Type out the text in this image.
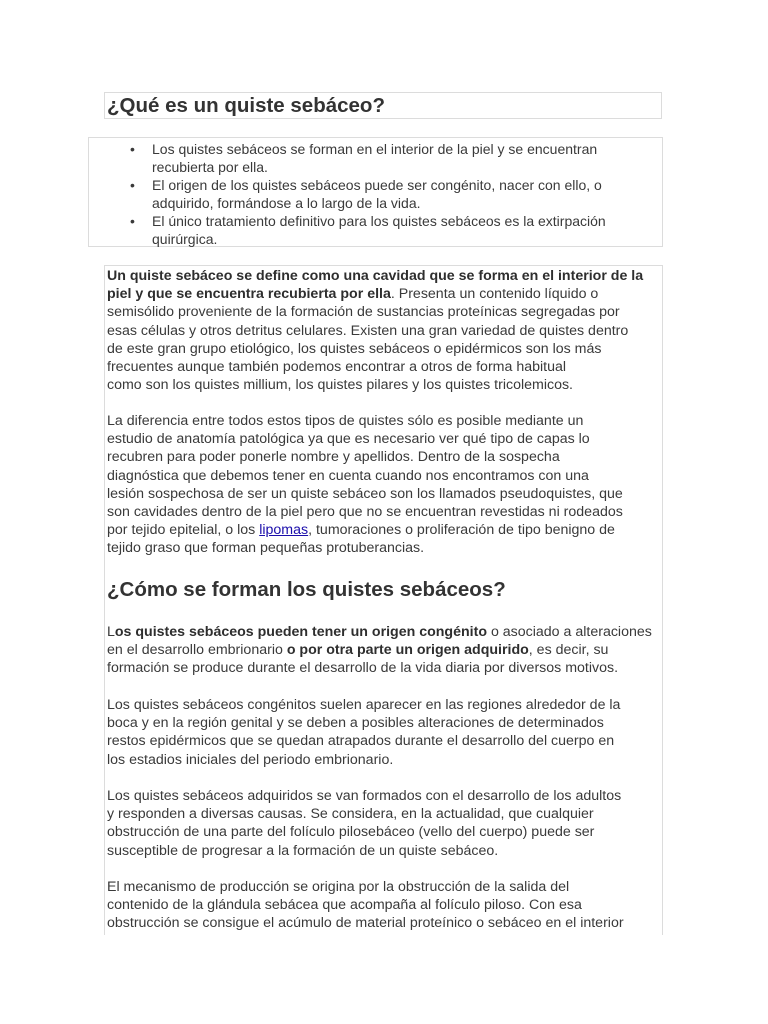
¿Qué es un quiste sebáceo?
• Los quistes sebáceos se forman en el interior de la piel y se encuentran
recubierta por ella.
• El origen de los quistes sebáceos puede ser congénito, nacer con ello, o
adquirido, formándose a lo largo de la vida.
• El único tratamiento definitivo para los quistes sebáceos es la extirpación
quirúrgica.

Un quiste sebáceo se define como una cavidad que se forma en el interior de la
piel y que se encuentra recubierta por ella. Presenta un contenido líquido o
semisólido proveniente de la formación de sustancias proteínicas segregadas por
esas células y otros detritus celulares. Existen una gran variedad de quistes dentro
de este gran grupo etiológico, los quistes sebáceos o epidérmicos son los más
frecuentes aunque también podemos encontrar a otros de forma habitual
como son los quistes millium, los quistes pilares y los quistes tricolemicos.

La diferencia entre todos estos tipos de quistes sólo es posible mediante un
estudio de anatomía patológica ya que es necesario ver qué tipo de capas lo
recubren para poder ponerle nombre y apellidos. Dentro de la sospecha
diagnóstica que debemos tener en cuenta cuando nos encontramos con una
lesión sospechosa de ser un quiste sebáceo son los llamados pseudoquistes, que
son cavidades dentro de la piel pero que no se encuentran revestidas ni rodeados
por tejido epitelial, o los lipomas, tumoraciones o proliferación de tipo benigno de
tejido graso que forman pequeñas protuberancias.

¿Cómo se forman los quistes sebáceos?

Los quistes sebáceos pueden tener un origen congénito o asociado a alteraciones
en el desarrollo embrionario o por otra parte un origen adquirido, es decir, su
formación se produce durante el desarrollo de la vida diaria por diversos motivos.

Los quistes sebáceos congénitos suelen aparecer en las regiones alrededor de la
boca y en la región genital y se deben a posibles alteraciones de determinados
restos epidérmicos que se quedan atrapados durante el desarrollo del cuerpo en
los estadios iniciales del periodo embrionario.

Los quistes sebáceos adquiridos se van formados con el desarrollo de los adultos
y responden a diversas causas. Se considera, en la actualidad, que cualquier
obstrucción de una parte del folículo pilosebáceo (vello del cuerpo) puede ser
susceptible de progresar a la formación de un quiste sebáceo.

El mecanismo de producción se origina por la obstrucción de la salida del
contenido de la glándula sebácea que acompaña al folículo piloso. Con esa
obstrucción se consigue el acúmulo de material proteínico o sebáceo en el interior
